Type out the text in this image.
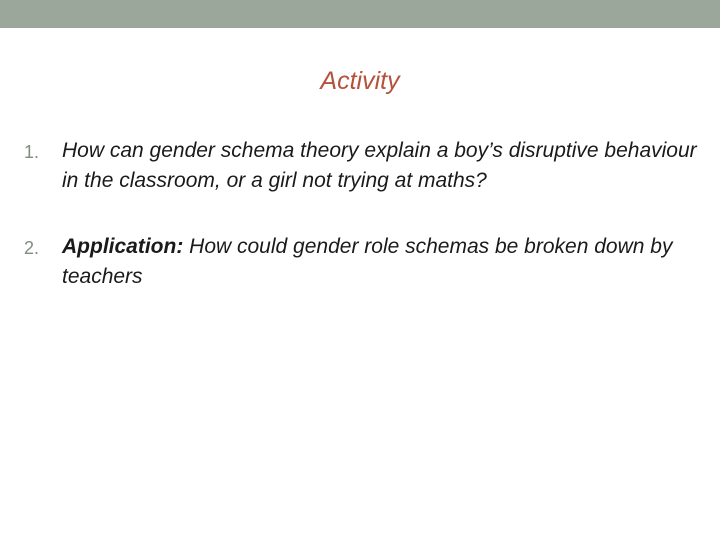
Activity
1.	How can gender schema theory explain a boy’s disruptive behaviour in the classroom, or a girl not trying at maths?
2.	Application: How could gender role schemas be broken down by teachers
